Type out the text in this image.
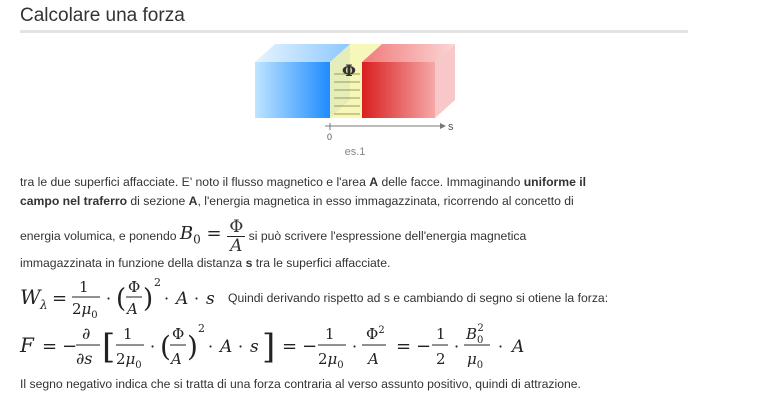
Calcolare una forza
Φ
0
s
es.1
tra le due superfici affacciate. E' noto il flusso magnetico e l'area A delle facce. Immaginando uniforme il
campo nel traferro di sezione A, l'energia magnetica in esso immagazzinata, ricorrendo al concetto di
energia volumica, e ponendo $B_0 = \frac{\Phi}{A}$ si può scrivere l'espressione dell'energia magnetica
immagazzinata in funzione della distanza s tra le superfici affacciate.
W λ =
1
$2\mu_0$
· ( Φ
A )
2
· A · s Quindi derivando rispetto ad s e cambiando di segno si otiene la forza:
F = −
∂
∂s [ 1
$2\mu_0$
· ( Φ
A )
2
· A · s ] = −
1
$2\mu_0$
·
$\Phi^2$
A
= −
1
2
·
$B_02$
$\mu_0$
· A
Il segno negativo indica che si tratta di una forza contraria al verso assunto positivo, quindi di attrazione.
